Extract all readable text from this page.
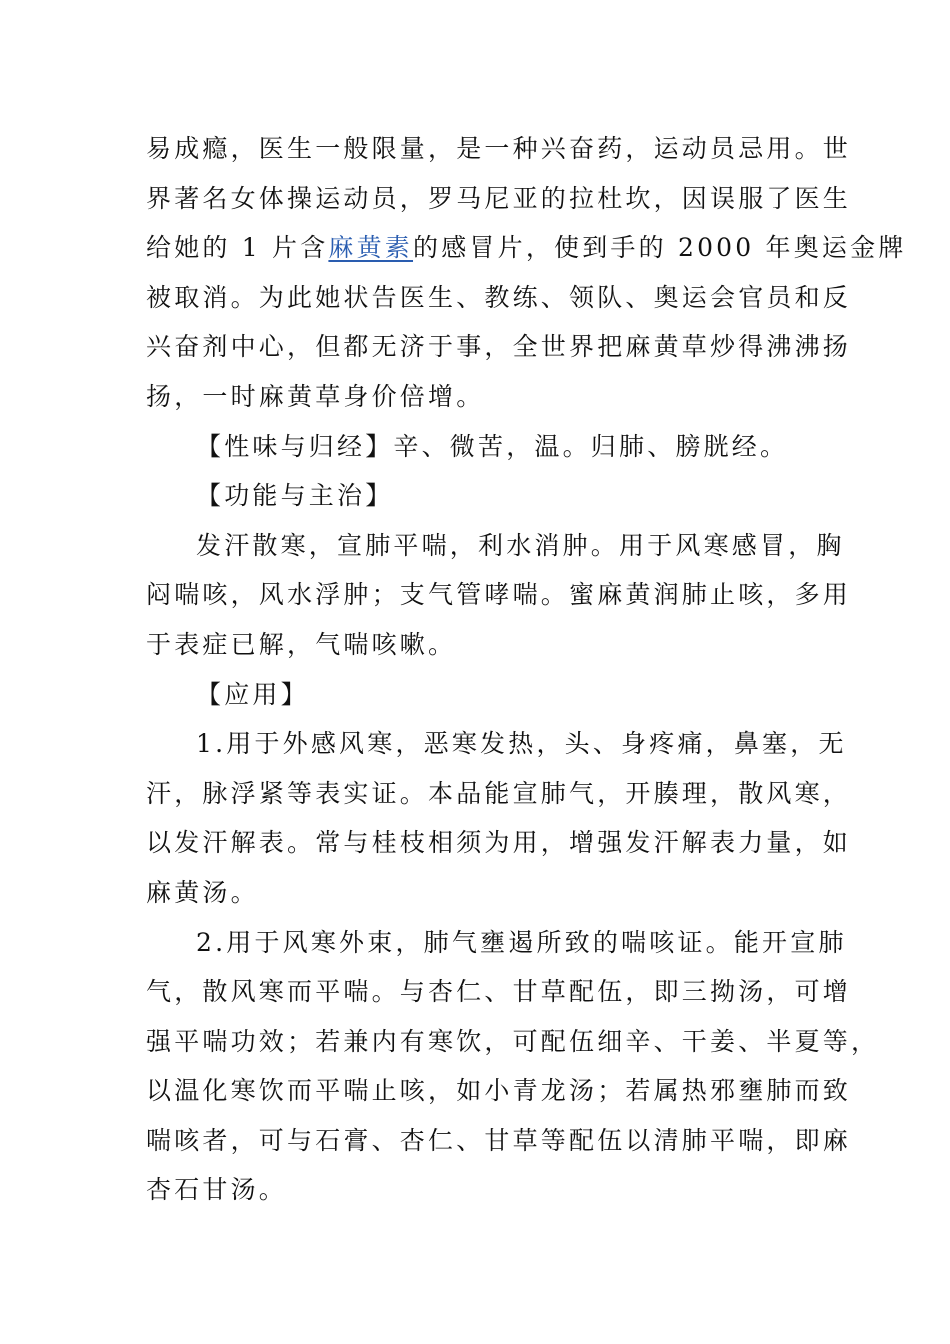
易成瘾，医生一般限量，是一种兴奋药，运动员忌用。世
界著名女体操运动员，罗马尼亚的拉杜坎，因误服了医生
给她的 1 片含麻黄素的感冒片，使到手的 2000 年奥运金牌
被取消。为此她状告医生、教练、领队、奥运会官员和反
兴奋剂中心，但都无济于事，全世界把麻黄草炒得沸沸扬
扬，一时麻黄草身价倍增。
【性味与归经】辛、微苦，温。归肺、膀胱经。
【功能与主治】
发汗散寒，宣肺平喘，利水消肿。用于风寒感冒，胸
闷喘咳，风水浮肿；支气管哮喘。蜜麻黄润肺止咳，多用
于表症已解，气喘咳嗽。
【应用】
1.用于外感风寒，恶寒发热，头、身疼痛，鼻塞，无
汗，脉浮紧等表实证。本品能宣肺气，开腠理，散风寒，
以发汗解表。常与桂枝相须为用，增强发汗解表力量，如
麻黄汤。
2.用于风寒外束，肺气壅遏所致的喘咳证。能开宣肺
气，散风寒而平喘。与杏仁、甘草配伍，即三拗汤，可增
强平喘功效；若兼内有寒饮，可配伍细辛、干姜、半夏等，
以温化寒饮而平喘止咳，如小青龙汤；若属热邪壅肺而致
喘咳者，可与石膏、杏仁、甘草等配伍以清肺平喘，即麻
杏石甘汤。
